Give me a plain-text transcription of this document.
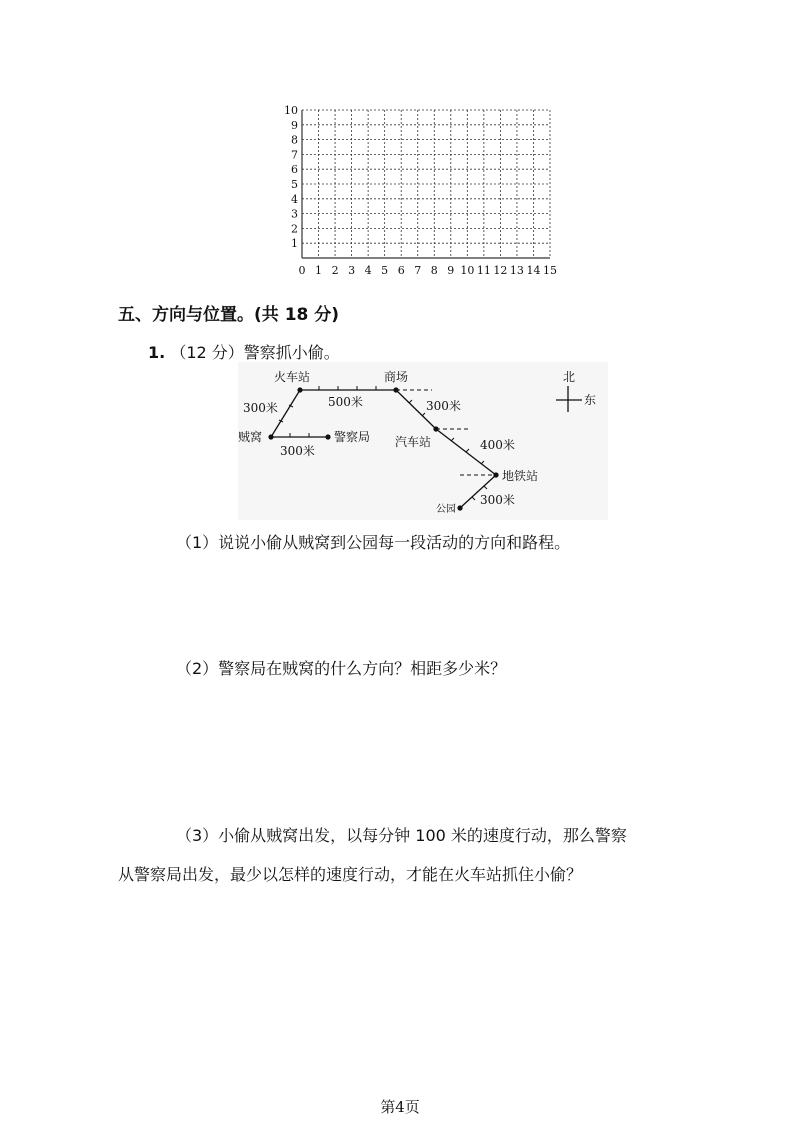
10
9
8
7
6
5
4
3
2
1
0 1 2 3 4 5 6 7 8 9 10 11 12 13 14 15
五、方向与位置。(共 18 分)
1. （12 分）警察抓小偷。
火车站	商场
贼窝	警察局 汽车站
地铁站
公园
300米	500米
300米
300米
400米
300米
北
东
（1）说说小偷从贼窝到公园每一段活动的方向和路程。
（2）警察局在贼窝的什么方向？相距多少米？
（3）小偷从贼窝出发，以每分钟 100 米的速度行动，那么警察
从警察局出发，最少以怎样的速度行动，才能在火车站抓住小偷？
第4页
